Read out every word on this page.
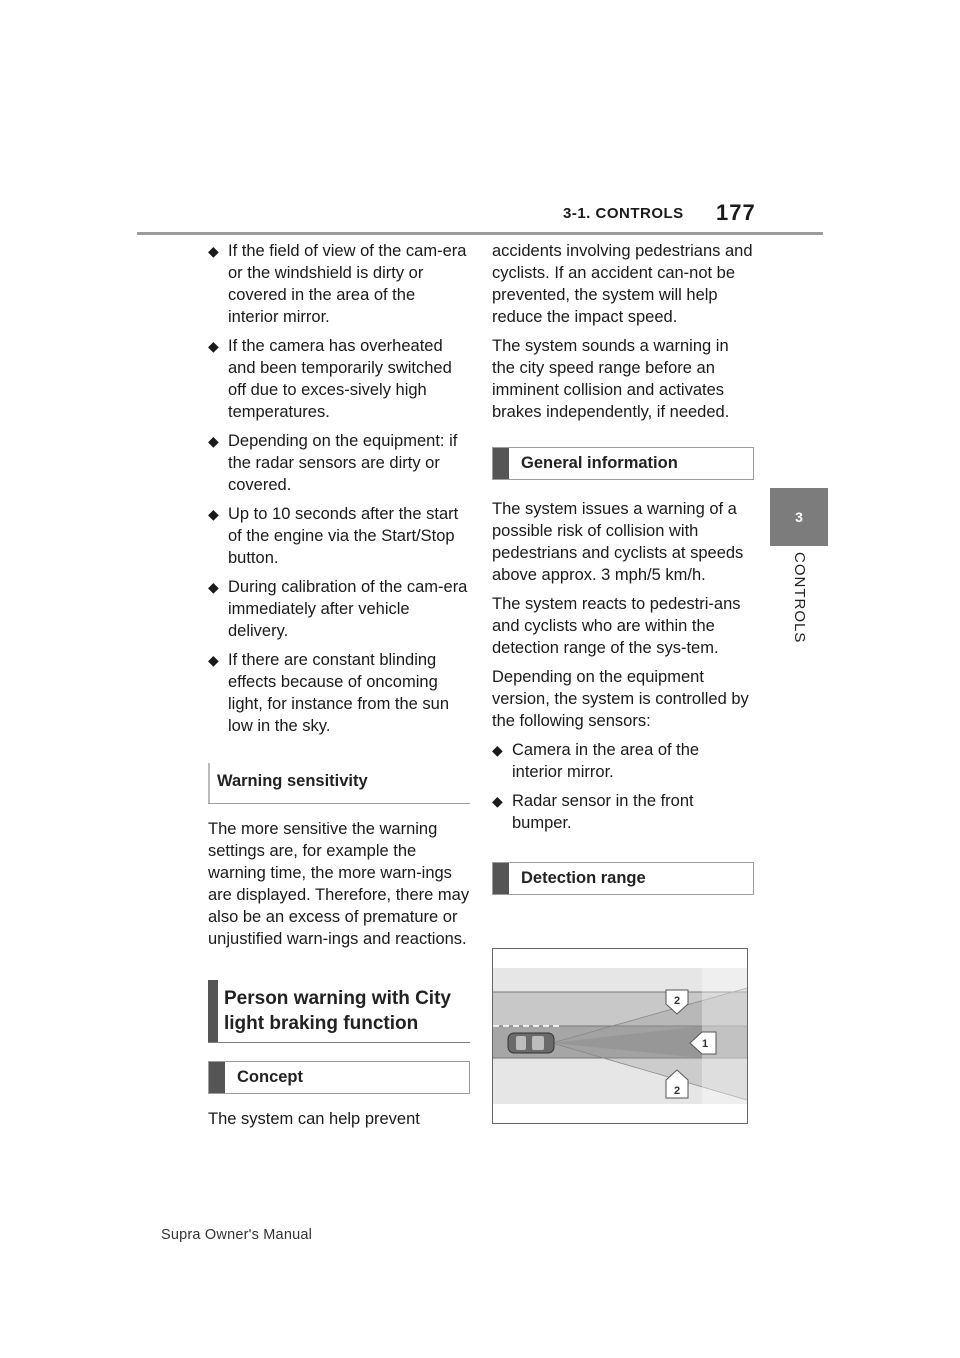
3-1. CONTROLS 177
3
CONTROLS
◆ If the field of view of the cam-era or the windshield is dirty or covered in the area of the interior mirror.
◆ If the camera has overheated and been temporarily switched off due to exces-sively high temperatures.
◆ Depending on the equipment: if the radar sensors are dirty or covered.
◆ Up to 10 seconds after the start of the engine via the Start/Stop button.
◆ During calibration of the cam-era immediately after vehicle delivery.
◆ If there are constant blinding effects because of oncoming light, for instance from the sun low in the sky.
Warning sensitivity

The more sensitive the warning settings are, for example the warning time, the more warn-ings are displayed. Therefore, there may also be an excess of premature or unjustified warn-ings and reactions.

Person warning with City light braking function
Concept

The system can help prevent

accidents involving pedestrians and cyclists. If an accident can-not be prevented, the system will help reduce the impact speed.

The system sounds a warning in the city speed range before an imminent collision and activates brakes independently, if needed.

General information

The system issues a warning of a possible risk of collision with pedestrians and cyclists at speeds above approx. 3 mph/5 km/h.

The system reacts to pedestri-ans and cyclists who are within the detection range of the sys-tem.

Depending on the equipment version, the system is controlled by the following sensors:

◆ Camera in the area of the interior mirror.
◆ Radar sensor in the front bumper.
Detection range
2
1
2
Supra Owner's Manual
